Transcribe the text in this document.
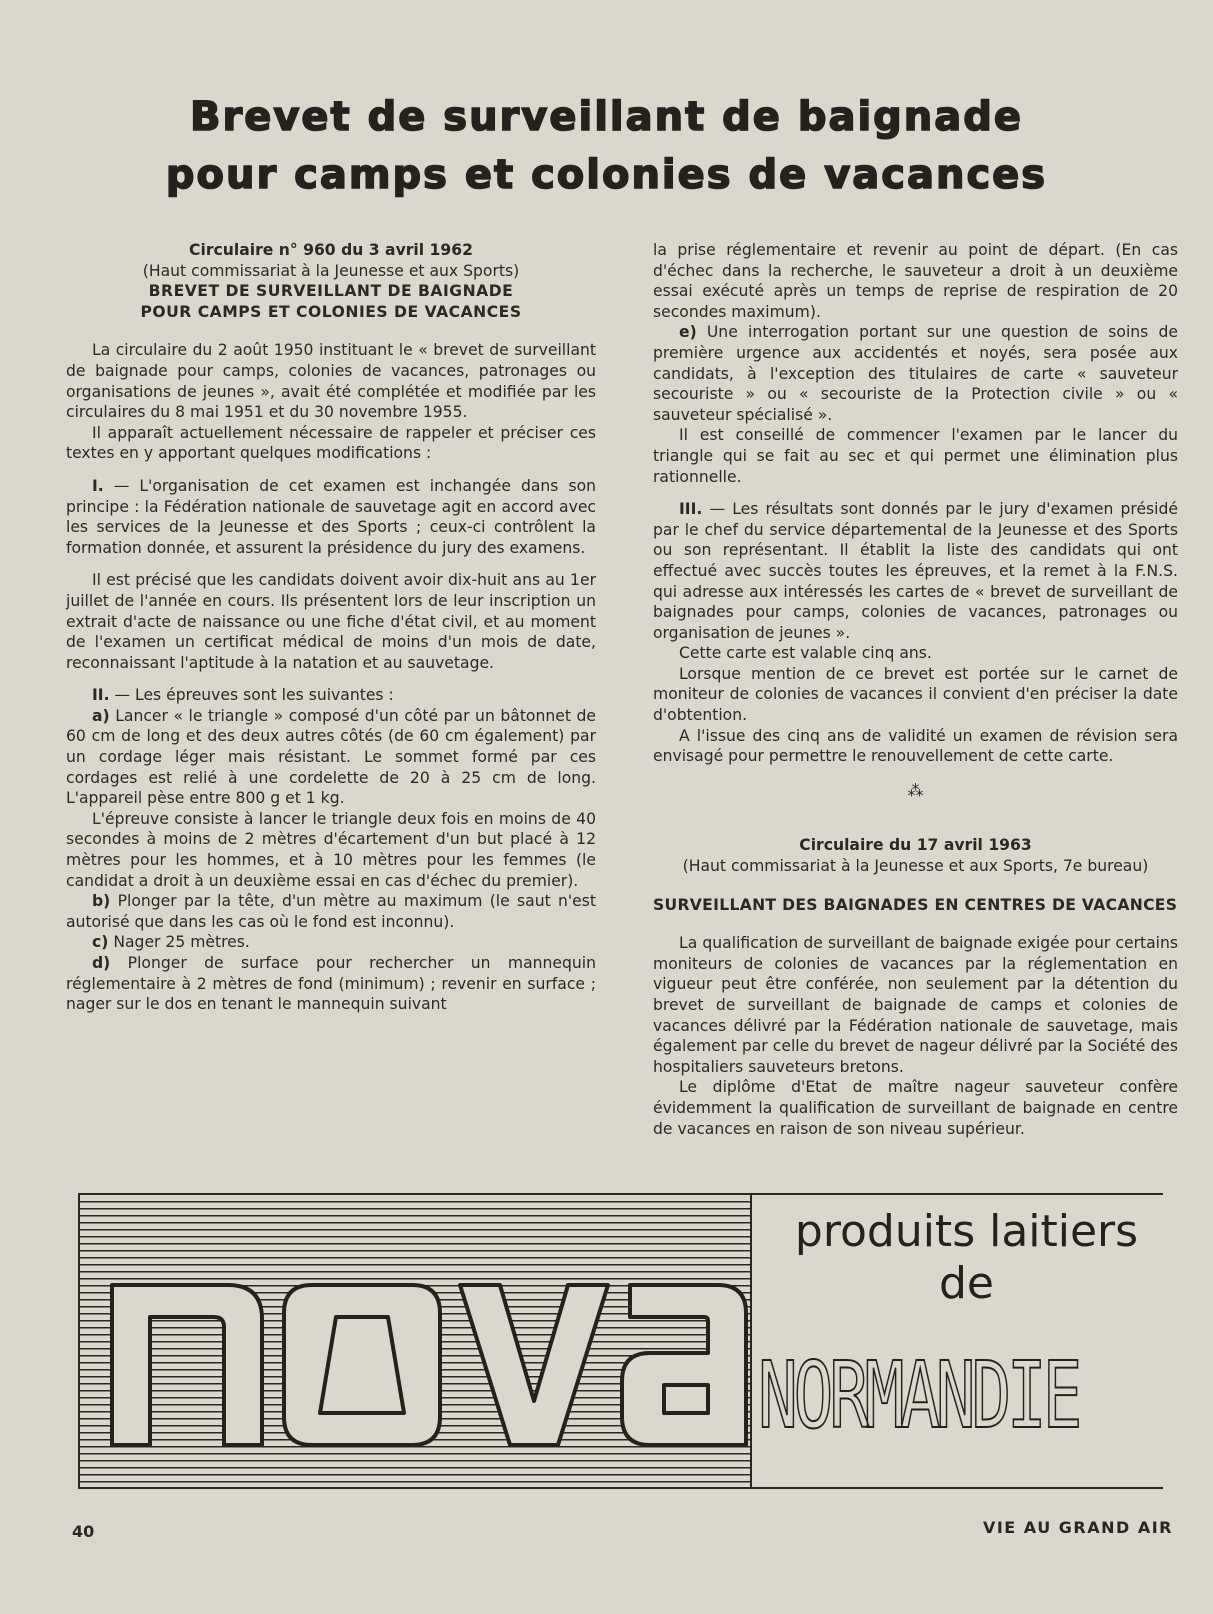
Brevet de surveillant de baignade
pour camps et colonies de vacances

Circulaire n° 960 du 3 avril 1962

(Haut commissariat à la Jeunesse et aux Sports)

BREVET DE SURVEILLANT DE BAIGNADE

POUR CAMPS ET COLONIES DE VACANCES

La circulaire du 2 août 1950 instituant le « brevet de surveillant de baignade pour camps, colonies de vacances, patronages ou organisations de jeunes », avait été complétée et modifiée par les circulaires du 8 mai 1951 et du 30 novembre 1955.

Il apparaît actuellement nécessaire de rappeler et préciser ces textes en y apportant quelques modifications :

I. — L'organisation de cet examen est inchangée dans son principe : la Fédération nationale de sauvetage agit en accord avec les services de la Jeunesse et des Sports ; ceux-ci contrôlent la formation donnée, et assurent la présidence du jury des examens.

Il est précisé que les candidats doivent avoir dix-huit ans au 1er juillet de l'année en cours. Ils présentent lors de leur inscription un extrait d'acte de naissance ou une fiche d'état civil, et au moment de l'examen un certificat médical de moins d'un mois de date, reconnaissant l'aptitude à la natation et au sauvetage.

II. — Les épreuves sont les suivantes :

a) Lancer « le triangle » composé d'un côté par un bâtonnet de 60 cm de long et des deux autres côtés (de 60 cm également) par un cordage léger mais résistant. Le sommet formé par ces cordages est relié à une cordelette de 20 à 25 cm de long. L'appareil pèse entre 800 g et 1 kg.

L'épreuve consiste à lancer le triangle deux fois en moins de 40 secondes à moins de 2 mètres d'écartement d'un but placé à 12 mètres pour les hommes, et à 10 mètres pour les femmes (le candidat a droit à un deuxième essai en cas d'échec du premier).

b) Plonger par la tête, d'un mètre au maximum (le saut n'est autorisé que dans les cas où le fond est inconnu).

c) Nager 25 mètres.

d) Plonger de surface pour rechercher un mannequin réglementaire à 2 mètres de fond (minimum) ; revenir en surface ; nager sur le dos en tenant le mannequin suivant

la prise réglementaire et revenir au point de départ. (En cas d'échec dans la recherche, le sauveteur a droit à un deuxième essai exécuté après un temps de reprise de respiration de 20 secondes maximum).

e) Une interrogation portant sur une question de soins de première urgence aux accidentés et noyés, sera posée aux candidats, à l'exception des titulaires de carte « sauveteur secouriste » ou « secouriste de la Protection civile » ou « sauveteur spécialisé ».

Il est conseillé de commencer l'examen par le lancer du triangle qui se fait au sec et qui permet une élimination plus rationnelle.

III. — Les résultats sont donnés par le jury d'examen présidé par le chef du service départemental de la Jeunesse et des Sports ou son représentant. Il établit la liste des candidats qui ont effectué avec succès toutes les épreuves, et la remet à la F.N.S. qui adresse aux intéressés les cartes de « brevet de surveillant de baignades pour camps, colonies de vacances, patronages ou organisation de jeunes ».

Cette carte est valable cinq ans.

Lorsque mention de ce brevet est portée sur le carnet de moniteur de colonies de vacances il convient d'en préciser la date d'obtention.

A l'issue des cinq ans de validité un examen de révision sera envisagé pour permettre le renouvellement de cette carte.

⁂

Circulaire du 17 avril 1963

(Haut commissariat à la Jeunesse et aux Sports, 7e bureau)

SURVEILLANT DES BAIGNADES EN CENTRES DE VACANCES

La qualification de surveillant de baignade exigée pour certains moniteurs de colonies de vacances par la réglementation en vigueur peut être conférée, non seulement par la détention du brevet de surveillant de baignade de camps et colonies de vacances délivré par la Fédération nationale de sauvetage, mais également par celle du brevet de nageur délivré par la Société des hospitaliers sauveteurs bretons.

Le diplôme d'Etat de maître nageur sauveteur confère évidemment la qualification de surveillant de baignade en centre de vacances en raison de son niveau supérieur.

produits laitiers
de
NORMANDIE
40	VIE AU GRAND AIR
